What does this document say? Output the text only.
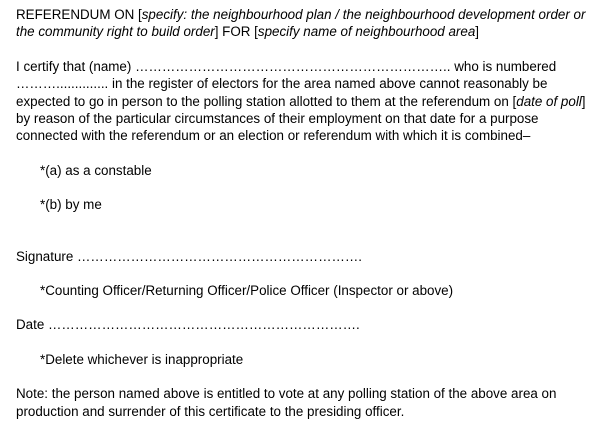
REFERENDUM ON [specify: the neighbourhood plan / the neighbourhood development order or the community right to build order] FOR [specify name of neighbourhood area]

I certify that (name) …………………………………………………………….. who is numbered ……….............. in the register of electors for the area named above cannot reasonably be expected to go in person to the polling station allotted to them at the referendum on [date of poll] by reason of the particular circumstances of their employment on that date for a purpose connected with the referendum or an election or referendum with which it is combined–

*(a) as a constable

*(b) by me

Signature ……………………………………………………….

*Counting Officer/Returning Officer/Police Officer (Inspector or above)

Date …………………………………………………………….

*Delete whichever is inappropriate

Note: the person named above is entitled to vote at any polling station of the above area on production and surrender of this certificate to the presiding officer.
